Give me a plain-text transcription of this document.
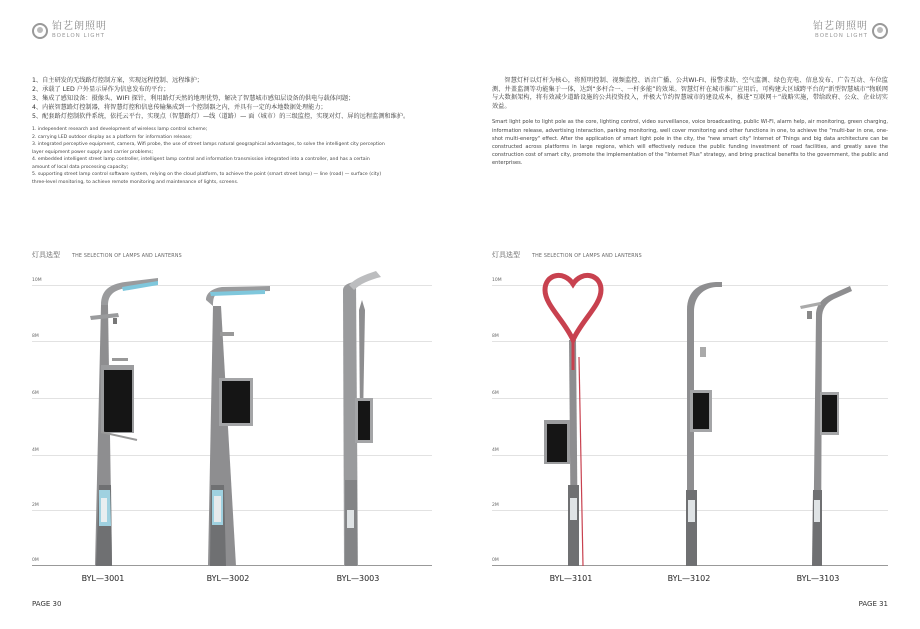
铂艺朗照明
BOELON LIGHT
铂艺朗照明
BOELON LIGHT
1、自主研发的无线路灯控制方案，实现远程控制、远程维护；
2、承载了 LED 户外显示屏作为信息发布的平台；
3、集成了感知设备：摄像头、WIFI 探针，利用路灯天然的地理优势，解决了智慧城市感知层设备的供电与载体问题；
4、内嵌智慧路灯控制器，将智慧灯控和信息传输集成到一个控制器之内，并具有一定的本地数据处理能力；
5、配套路灯控制软件系统，依托云平台，实现点（智慧路灯）—线（道路）— 面（城市）的三级监控，实现对灯、屏的远程监测和维护。
1. independent research and development of wireless lamp control scheme;
2. carrying LED outdoor display as a platform for information release;
3. integrated perceptive equipment, camera, Wifi probe, the use of street lamps natural geographical advantages, to solve the intelligent city perception
layer equipment power supply and carrier problems;
4. embedded intelligent street lamp controller, intelligent lamp control and information transmission integrated into a controller, and has a certain
amount of local data processing capacity;
5. supporting street lamp control software system, relying on the cloud platform, to achieve the point (smart street lamp) — line (road) — surface (city)
three-level monitoring, to achieve remote monitoring and maintenance of lights, screens.
智慧灯杆以灯杆为核心，将照明控制、视频监控、语音广播、公共WI-FI、报警求助、空气监测、绿色充电、信息发布、广告互动、车位监测、井盖监测等功能集于一体，达到“多杆合一、一杆多能”的效果。智慧灯杆在城市推广应用后，可构建大区域跨平台的“新型智慧城市”物联网与大数据架构，将有效减少道路设施的公共投资投入，并极大节约智慧城市的建设成本，推进“互联网＋”战略实施，带给政府、公众、企业切实效益。
Smart light pole to light pole as the core, lighting control, video surveillance, voice broadcasting, public WI-FI, alarm help, air monitoring, green charging, information release, advertising interaction, parking monitoring, well cover monitoring and other functions in one, to achieve the "multi-bar in one, one-shot multi-energy" effect. After the application of smart light pole in the city, the "new smart city" Internet of Things and big data architecture can be constructed across platforms in large regions, which will effectively reduce the public funding investment of road facilities, and greatly save the construction cost of smart city, promote the implementation of the "Internet Plus" strategy, and bring practical benefits to the government, the public and enterprises.
灯具选型	THE SELECTION OF LAMPS AND LANTERNS	灯具选型	THE SELECTION OF LAMPS AND LANTERNS
10M
8M
6M
4M
2M
0M
10M
8M
6M
4M
2M
0M
BYL—3001	BYL—3002	BYL—3003	BYL—3101	BYL—3102	BYL—3103
PAGE 30	PAGE 31
